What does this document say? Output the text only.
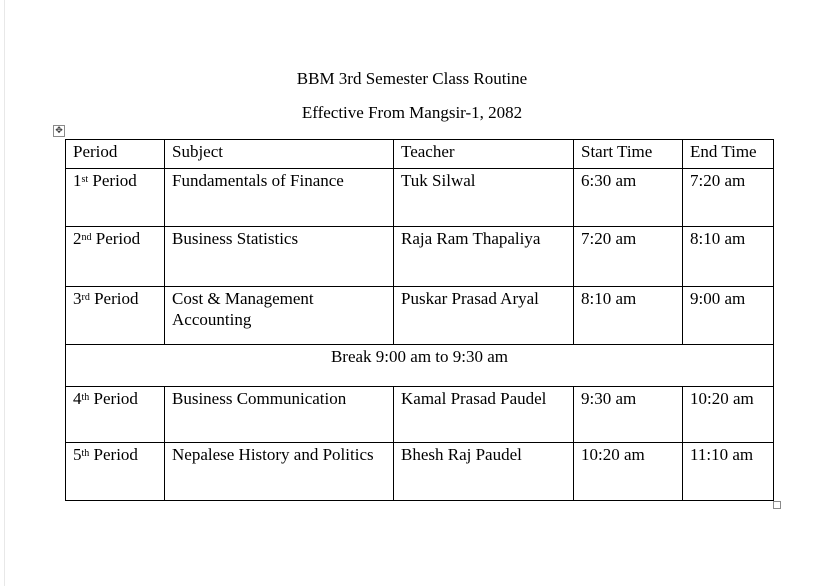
BBM 3rd Semester Class Routine
Effective From Mangsir-1, 2082
✥
Period	Subject	Teacher	Start Time	End Time
1st Period	Fundamentals of Finance	Tuk Silwal	6:30 am	7:20 am
2nd Period	Business Statistics	Raja Ram Thapaliya	7:20 am	8:10 am
3rd Period	Cost & Management Accounting	Puskar Prasad Aryal	8:10 am	9:00 am
Break 9:00 am to 9:30 am				
4th Period	Business Communication	Kamal Prasad Paudel	9:30 am	10:20 am
5th Period	Nepalese History and Politics	Bhesh Raj Paudel	10:20 am	11:10 am
